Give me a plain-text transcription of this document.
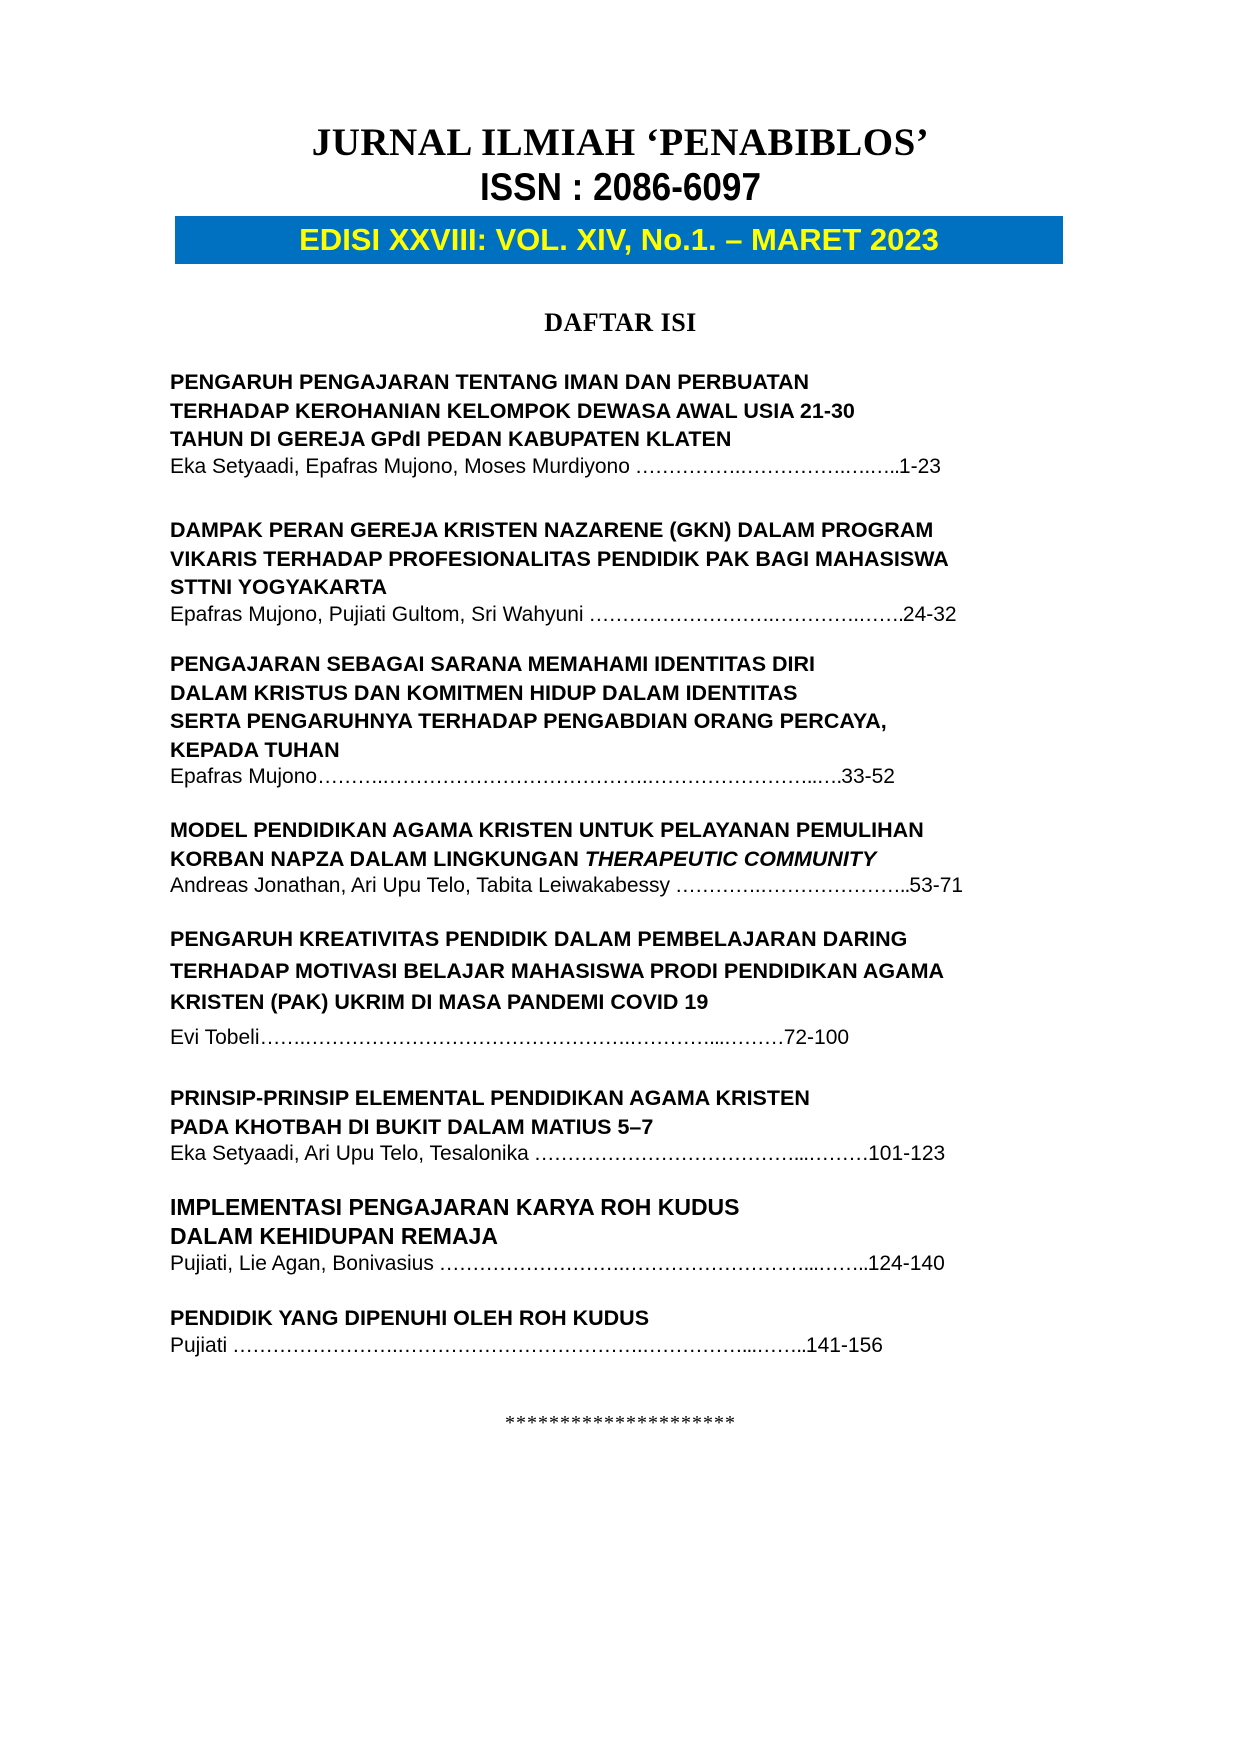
JURNAL ILMIAH ‘PENABIBLOS’
ISSN : 2086-6097
EDISI XXVIII: VOL. XIV, No.1. – MARET 2023
DAFTAR ISI
PENGARUH PENGAJARAN TENTANG IMAN DAN PERBUATAN
TERHADAP KEROHANIAN KELOMPOK DEWASA AWAL USIA 21-30
TAHUN DI GEREJA GPdI PEDAN KABUPATEN KLATEN
Eka Setyaadi, Epafras Mujono, Moses Murdiyono …………….…………….….…..1-23
DAMPAK PERAN GEREJA KRISTEN NAZARENE (GKN) DALAM PROGRAM
VIKARIS TERHADAP PROFESIONALITAS PENDIDIK PAK BAGI MAHASISWA
STTNI YOGYAKARTA
Epafras Mujono, Pujiati Gultom, Sri Wahyuni ……………………….………….…….24-32
PENGAJARAN SEBAGAI SARANA MEMAHAMI IDENTITAS DIRI
DALAM KRISTUS DAN KOMITMEN HIDUP DALAM IDENTITAS
SERTA PENGARUHNYA TERHADAP PENGABDIAN ORANG PERCAYA,
KEPADA TUHAN
Epafras Mujono……….………………………………….……………………..….33-52
MODEL PENDIDIKAN AGAMA KRISTEN UNTUK PELAYANAN PEMULIHAN
KORBAN NAPZA DALAM LINGKUNGAN THERAPEUTIC COMMUNITY
Andreas Jonathan, Ari Upu Telo, Tabita Leiwakabessy ………….…………………..53-71
PENGARUH KREATIVITAS PENDIDIK DALAM PEMBELAJARAN DARING
TERHADAP MOTIVASI BELAJAR MAHASISWA PRODI PENDIDIKAN AGAMA
KRISTEN (PAK) UKRIM DI MASA PANDEMI COVID 19
Evi Tobeli…….………………………………………….…………...………72-100
PRINSIP-PRINSIP ELEMENTAL PENDIDIKAN AGAMA KRISTEN
PADA KHOTBAH DI BUKIT DALAM MATIUS 5–7
Eka Setyaadi, Ari Upu Telo, Tesalonika …………………………………...………101-123
IMPLEMENTASI PENGAJARAN KARYA ROH KUDUS
DALAM KEHIDUPAN REMAJA
Pujiati, Lie Agan, Bonivasius ……………………….………………………...……..124-140
PENDIDIK YANG DIPENUHI OLEH ROH KUDUS
Pujiati …………………….……………………………….……………...……..141-156
*********************
